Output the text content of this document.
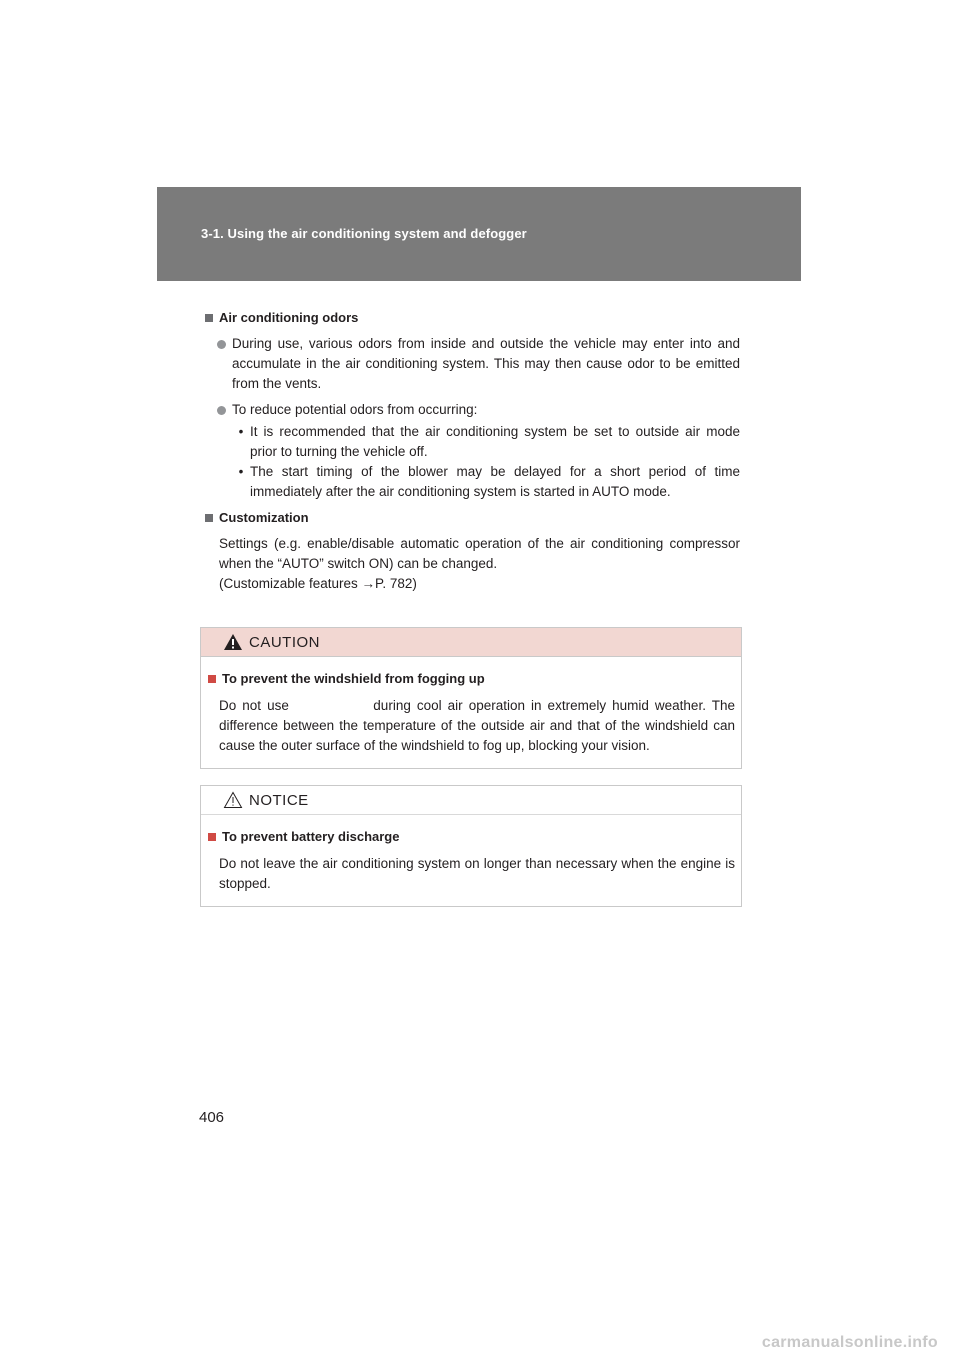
3-1. Using the air conditioning system and defogger
Air conditioning odors
During use, various odors from inside and outside the vehicle may enter into and accumulate in the air conditioning system. This may then cause odor to be emitted from the vents.
To reduce potential odors from occurring:
• It is recommended that the air conditioning system be set to outside air mode prior to turning the vehicle off.
• The start timing of the blower may be delayed for a short period of time immediately after the air conditioning system is started in AUTO mode.
Customization
Settings (e.g. enable/disable automatic operation of the air conditioning compressor when the “AUTO” switch ON) can be changed.
(Customizable features →P. 782)
CAUTION
To prevent the windshield from fogging up
Do not use              during cool air operation in extremely humid weather. The difference between the temperature of the outside air and that of the windshield can cause the outer surface of the windshield to fog up, blocking your vision.
NOTICE
To prevent battery discharge
Do not leave the air conditioning system on longer than necessary when the engine is stopped.
406
carmanualsonline.info
